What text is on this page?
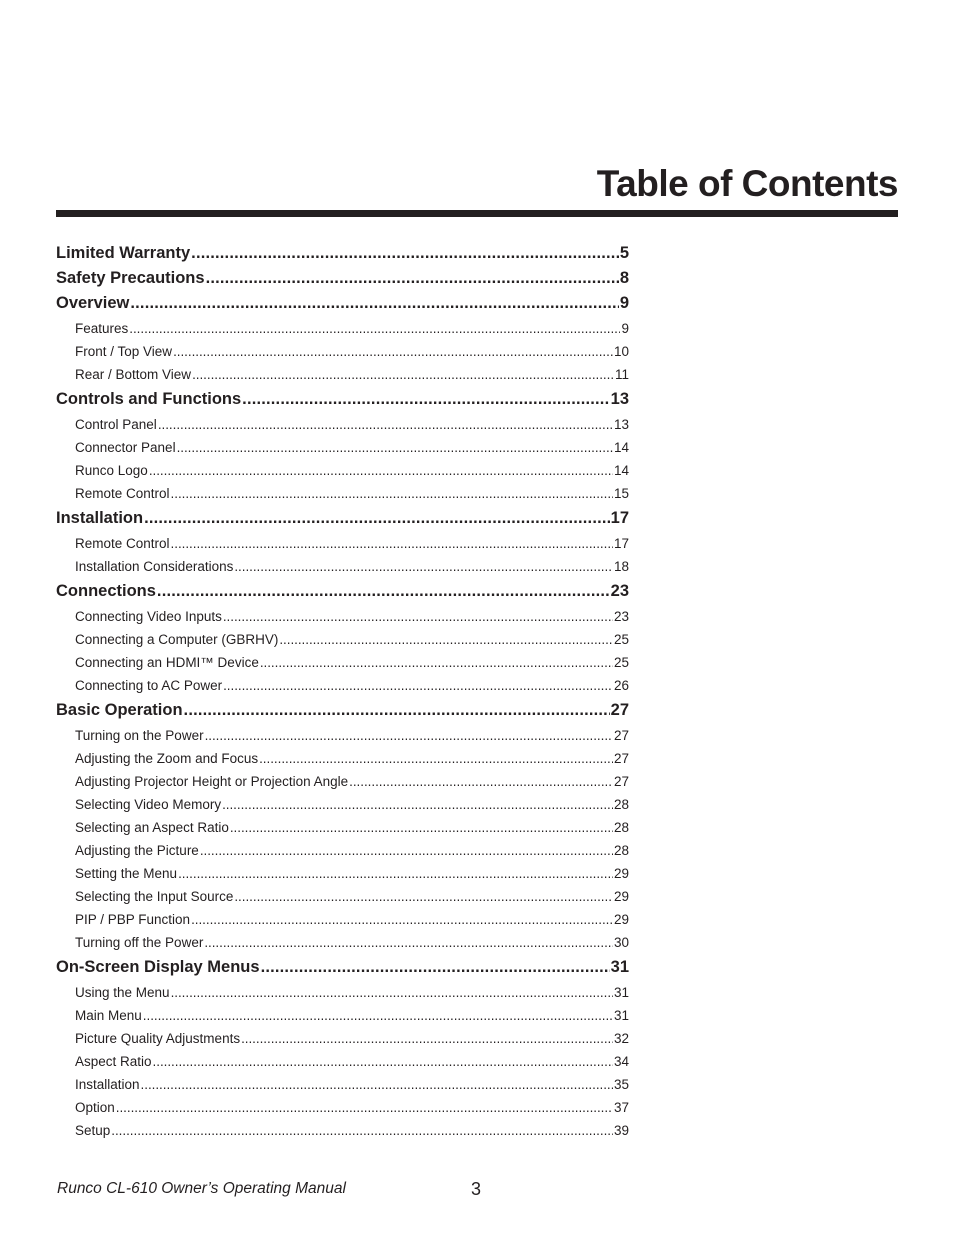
Table of Contents
Limited Warranty . . .	5
Safety Precautions . . .	8
Overview . . .	9
Features . . .	9
Front / Top View . . .	10
Rear / Bottom View . . .	11
Controls and Functions . . .	13
Control Panel . . .	13
Connector Panel . . .	14
Runco Logo . . .	14
Remote Control . . .	15
Installation . . .	17
Remote Control . . .	17
Installation Considerations . . .	18
Connections . . .	23
Connecting Video Inputs . . .	23
Connecting a Computer (GBRHV) . . .	25
Connecting an HDMI™ Device . . .	25
Connecting to AC Power . . .	26
Basic Operation . . .	27
Turning on the Power . . .	27
Adjusting the Zoom and Focus . . .	27
Adjusting Projector Height or Projection Angle . . .	27
Selecting Video Memory . . .	28
Selecting an Aspect Ratio . . .	28
Adjusting the Picture . . .	28
Setting the Menu . . .	29
Selecting the Input Source . . .	29
PIP / PBP Function . . .	29
Turning off the Power . . .	30
On-Screen Display Menus . . .	31
Using the Menu . . .	31
Main Menu . . .	31
Picture Quality Adjustments . . .	32
Aspect Ratio . . .	34
Installation . . .	35
Option . . .	37
Setup . . .	39
Runco CL-610 Owner’s Operating Manual	3
